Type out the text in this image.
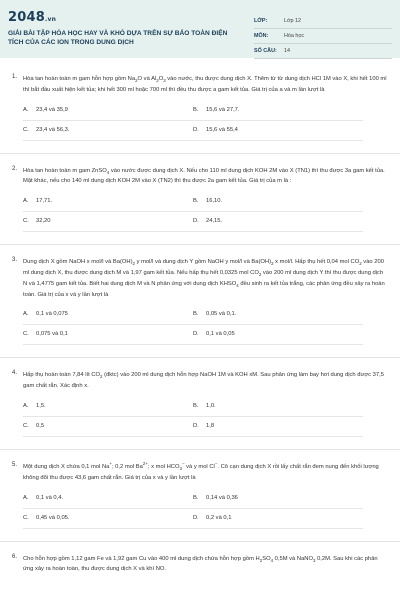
2048.vn
GIẢI BÀI TẬP HÓA HỌC HAY VÀ KHÓ DỰA TRÊN SỰ BẢO TOÀN ĐIỆN TÍCH CỦA CÁC ION TRONG DUNG DỊCH
LỚP:	Lớp 12
MÔN:	Hóa học
SỐ CÂU:	14
1. Hòa tan hoàn toàn m gam hỗn hợp gồm $Na_2O$ và $Al_2O_3$ vào nước, thu được dung dịch X. Thêm từ từ dung dịch HCl 1M vào X, khi hết 100 ml thì bắt đầu xuất hiện kết tủa; khi hết 300 ml hoặc 700 ml thì đều thu được a gam kết tủa. Giá trị của a và m lần lượt là
A.	23,4 và 35,9	B.	15,6 và 27,7.
C.	23,4 và 56,3.	D.	15,6 và 55,4
2. Hòa tan hoàn toàn m gam ZnSO$_4$ vào nước được dung dịch X. Nếu cho 110 ml dung dịch KOH 2M vào X (TN1) thì thu được 3a gam kết tủa. Mặt khác, nếu cho 140 ml dung dịch KOH 2M vào X (TN2) thì thu được 2a gam kết tủa. Giá trị của m là :
A.	17,71.	B.	16,10.
C.	32,20	D.	24,15.
3. Dung dịch X gồm NaOH x mol/l và $Ba(OH)_2$ y mol/l và dung dịch Y gồm NaOH y mol/l và $Ba(OH)_2$ x mol/l. Hấp thụ hết 0,04 mol $CO_2$ vào 200 ml dung dịch X, thu được dung dịch M và 1,97 gam kết tủa. Nếu hấp thụ hết 0,0325 mol $CO_2$ vào 200 ml dung dịch Y thì thu được dung dịch N và 1,4775 gam kết tủa. Biết hai dung dịch M và N phản ứng với dung dịch $KHSO_4$ đều sinh ra kết tủa trắng, các phản ứng đều xảy ra hoàn toàn. Giá trị của x và y lần lượt là
A.	0,1 và 0,075	B.	0,05 và 0,1.
C.	0,075 và 0,1	D.	0,1 và 0,05
4. Hấp thụ hoàn toàn 7,84 lít $CO_2$ (đktc) vào 200 ml dung dịch hỗn hợp NaOH 1M và KOH xM. Sau phản ứng làm bay hơi dung dịch được 37,5 gam chất rắn. Xác định x.
A.	1,5.	B.	1,0.
C.	0,5	D.	1,8
5. Một dung dịch X chứa 0,1 mol Na+; 0,2 mol $Ba^{2+}$; x mol $HCO_3^-$ và y mol Cl−. Cô cạn dung dịch X rồi lấy chất rắn đem nung đến khối lượng không đổi thu được 43,6 gam chất rắn. Giá trị của x và y lần lượt là
A.	0,1 và 0,4.	B.	0,14 và 0,36
C.	0,45 và 0,05.	D.	0,2 và 0,1
6. Cho hỗn hợp gồm 1,12 gam Fe và 1,92 gam Cu vào 400 ml dung dịch chứa hỗn hợp gồm $H_2SO_4$ 0,5M và NaNO$_3$ 0,2M. Sau khi các phản ứng xảy ra hoàn toàn, thu được dung dịch X và khí NO.
